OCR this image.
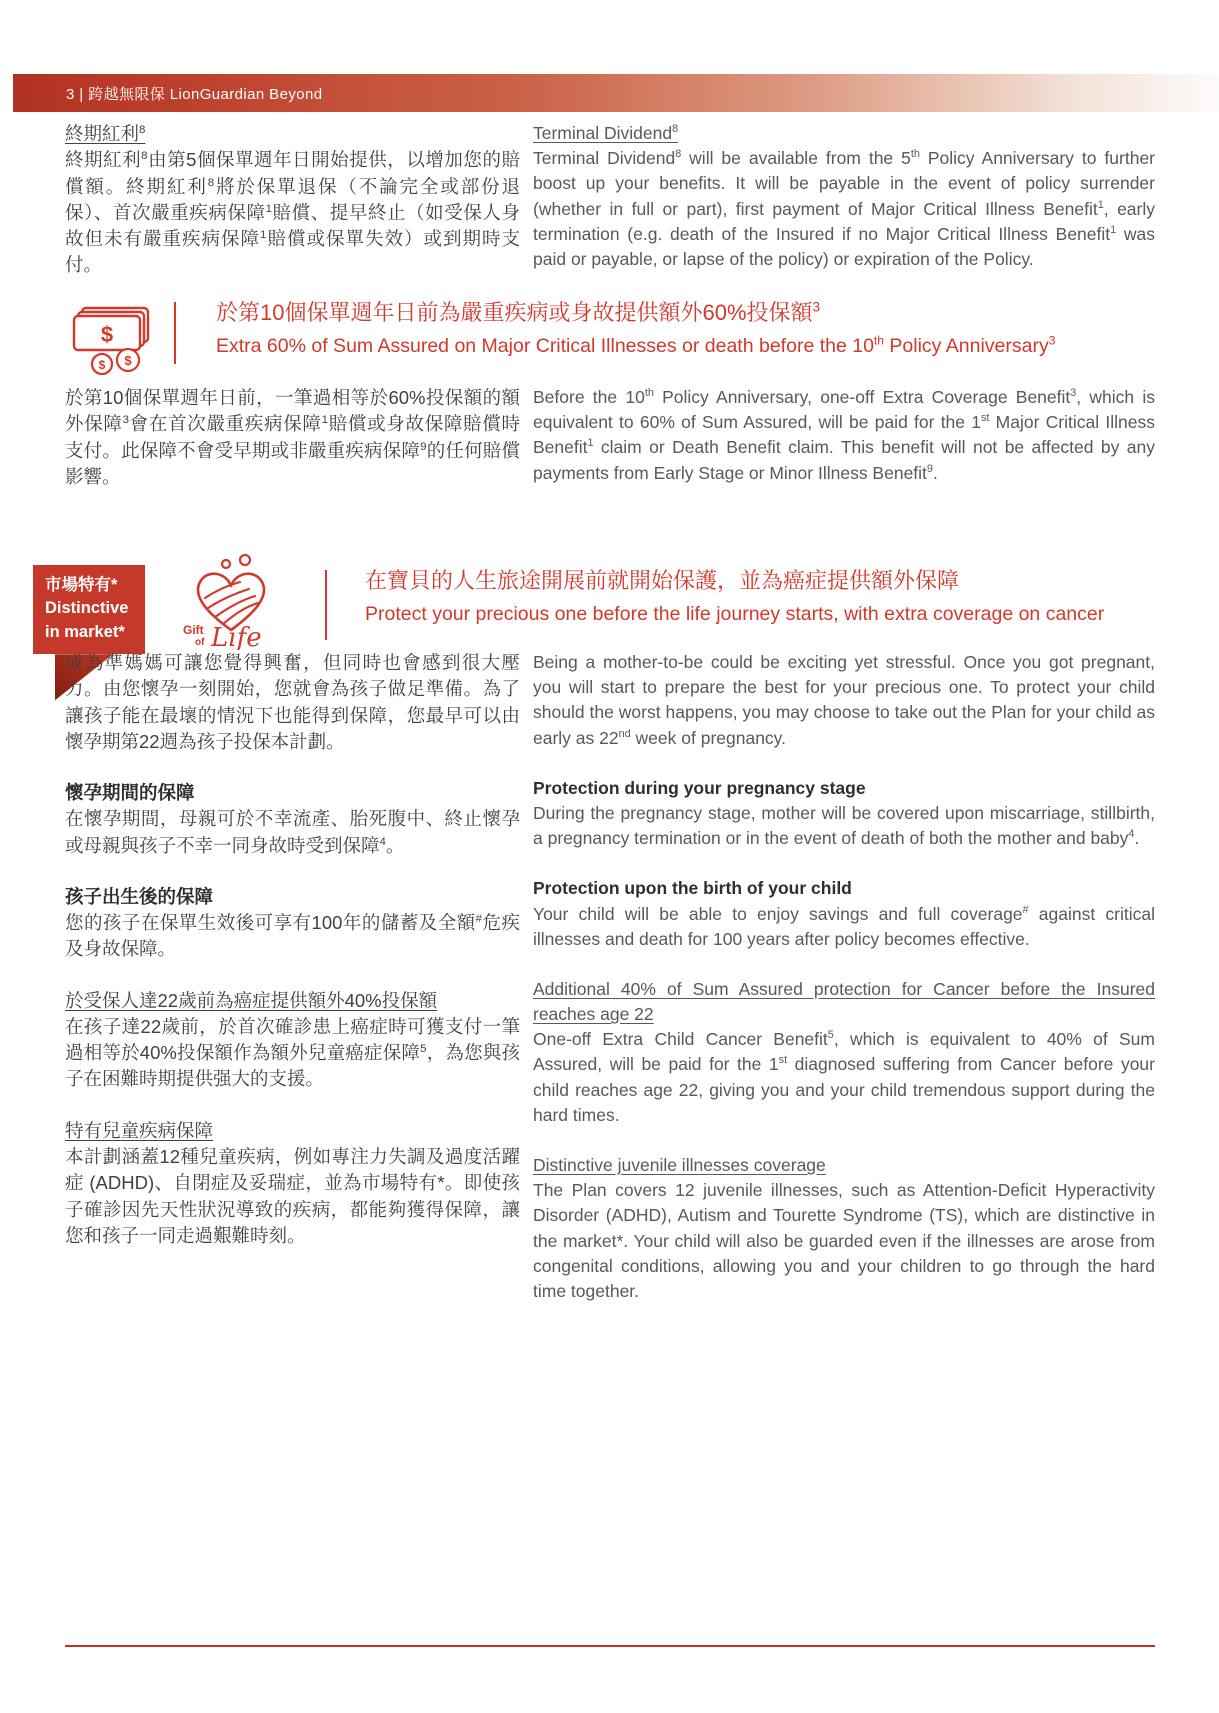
3 | 跨越無限保 LionGuardian Beyond
終期紅利$^8$

終期紅利$^8$由第5個保單週年日開始提供，以增加您的賠償額。終期紅利$^8$將於保單退保（不論完全或部份退保）、首次嚴重疾病保障$^1$賠償、提早終止（如受保人身故但未有嚴重疾病保障$^1$賠償或保單失效）或到期時支付。

Terminal Dividend$^8$

Terminal Dividend$^8$ will be available from the 5th Policy Anniversary to further boost up your benefits. It will be payable in the event of policy surrender (whether in full or part), first payment of Major Critical Illness Benefit$^1$, early termination (e.g. death of the Insured if no Major Critical Illness Benefit$^1$ was paid or payable, or lapse of the policy) or expiration of the Policy.

$
$ $
於第10個保單週年日前為嚴重疾病或身故提供額外60%投保額$^3$
Extra 60% of Sum Assured on Major Critical Illnesses or death before the 10th Policy Anniversary$^3$

於第10個保單週年日前，一筆過相等於60%投保額的額外保障$^3$會在首次嚴重疾病保障$^1$賠償或身故保障賠償時支付。此保障不會受早期或非嚴重疾病保障$^9$的任何賠償影響。

Before the 10th Policy Anniversary, one-off Extra Coverage Benefit$^3$, which is equivalent to 60% of Sum Assured, will be paid for the 1st Major Critical Illness Benefit$^1$ claim or Death Benefit claim. This benefit will not be affected by any payments from Early Stage or Minor Illness Benefit$^9$.

市場特有*
Distinctive
in market*	Gift
of Life
在寶貝的人生旅途開展前就開始保護，並為癌症提供額外保障
Protect your precious one before the life journey starts, with extra coverage on cancer

成為準媽媽可讓您覺得興奮，但同時也會感到很大壓力。由您懷孕一刻開始，您就會為孩子做足準備。為了讓孩子能在最壞的情況下也能得到保障，您最早可以由懷孕期第22週為孩子投保本計劃。

懷孕期間的保障

在懷孕期間，母親可於不幸流產、胎死腹中、終止懷孕或母親與孩子不幸一同身故時受到保障$^4$。

孩子出生後的保障

您的孩子在保單生效後可享有100年的儲蓄及全額#危疾及身故保障。

於受保人達22歲前為癌症提供額外40%投保額

在孩子達22歲前，於首次確診患上癌症時可獲支付一筆過相等於40%投保額作為額外兒童癌症保障$^5$，為您與孩子在困難時期提供强大的支援。

特有兒童疾病保障

本計劃涵蓋12種兒童疾病，例如專注力失調及過度活躍症 (ADHD)、自閉症及妥瑞症，並為市場特有*。即使孩子確診因先天性狀況導致的疾病，都能夠獲得保障，讓您和孩子一同走過艱難時刻。

Being a mother-to-be could be exciting yet stressful. Once you got pregnant, you will start to prepare the best for your precious one. To protect your child should the worst happens, you may choose to take out the Plan for your child as early as 22nd week of pregnancy.

Protection during your pregnancy stage

During the pregnancy stage, mother will be covered upon miscarriage, stillbirth, a pregnancy termination or in the event of death of both the mother and baby$^4$.

Protection upon the birth of your child

Your child will be able to enjoy savings and full coverage# against critical illnesses and death for 100 years after policy becomes effective.

Additional 40% of Sum Assured protection for Cancer before the Insured reaches age 22

One-off Extra Child Cancer Benefit$^5$, which is equivalent to 40% of Sum Assured, will be paid for the 1st diagnosed suffering from Cancer before your child reaches age 22, giving you and your child tremendous support during the hard times.

Distinctive juvenile illnesses coverage

The Plan covers 12 juvenile illnesses, such as Attention-Deficit Hyperactivity Disorder (ADHD), Autism and Tourette Syndrome (TS), which are distinctive in the market*. Your child will also be guarded even if the illnesses are arose from congenital conditions, allowing you and your children to go through the hard time together.
